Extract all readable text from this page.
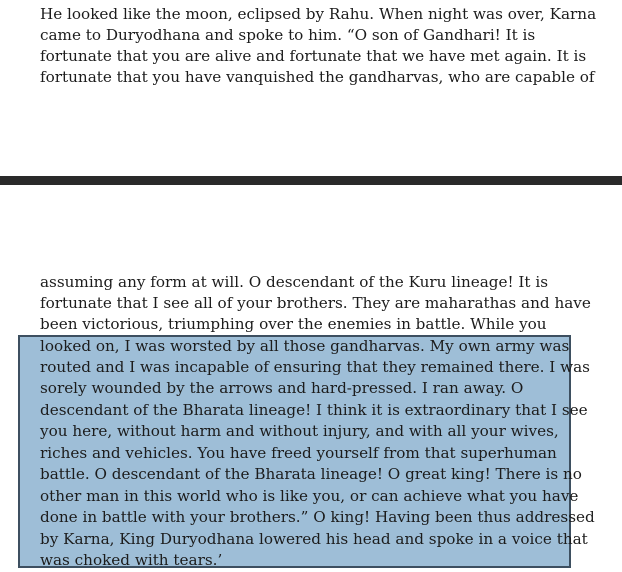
He looked like the moon, eclipsed by Rahu. When night was over, Karna
came to Duryodhana and spoke to him. “O son of Gandhari! It is
fortunate that you are alive and fortunate that we have met again. It is
fortunate that you have vanquished the gandharvas, who are capable of
assuming any form at will. O descendant of the Kuru lineage! It is
fortunate that I see all of your brothers. They are maharathas and have
been victorious, triumphing over the enemies in battle. While you
looked on, I was worsted by all those gandharvas. My own army was
routed and I was incapable of ensuring that they remained there. I was
sorely wounded by the arrows and hard-pressed. I ran away. O
descendant of the Bharata lineage! I think it is extraordinary that I see
you here, without harm and without injury, and with all your wives,
riches and vehicles. You have freed yourself from that superhuman
battle. O descendant of the Bharata lineage! O great king! There is no
other man in this world who is like you, or can achieve what you have
done in battle with your brothers.” O king! Having been thus addressed
by Karna, King Duryodhana lowered his head and spoke in a voice that
was choked with tears.’
